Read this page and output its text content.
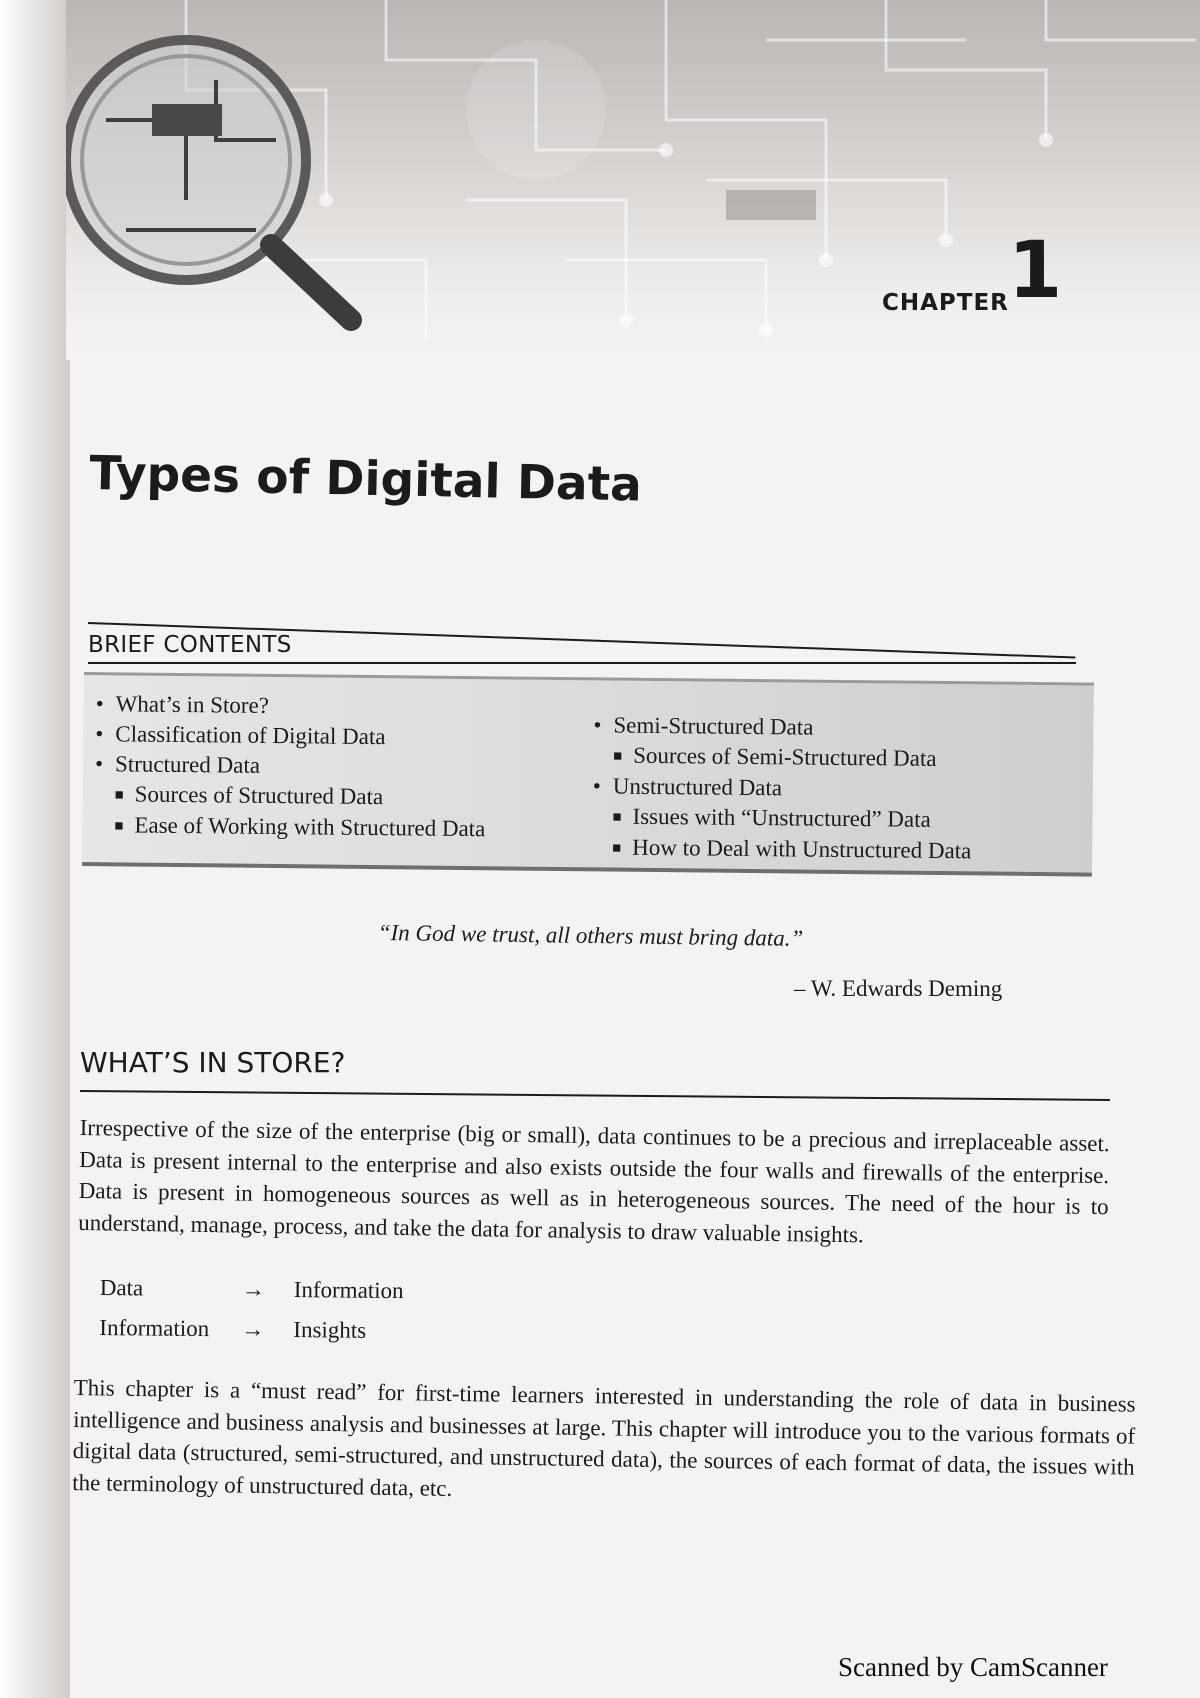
CHAPTER 1
Types of Digital Data
BRIEF CONTENTS
• What’s in Store?
• Classification of Digital Data
• Structured Data
■ Sources of Structured Data
■ Ease of Working with Structured Data
• Semi-Structured Data
■ Sources of Semi-Structured Data
• Unstructured Data
■ Issues with “Unstructured” Data
■ How to Deal with Unstructured Data
“In God we trust, all others must bring data.”
– W. Edwards Deming
WHAT’S IN STORE?

Irrespective of the size of the enterprise (big or small), data continues to be a precious and irreplaceable asset. Data is present internal to the enterprise and also exists outside the four walls and firewalls of the enterprise. Data is present in homogeneous sources as well as in heterogeneous sources. The need of the hour is to understand, manage, process, and take the data for analysis to draw valuable insights.

Data	→	Information
Information	→	Insights

This chapter is a “must read” for first-time learners interested in understanding the role of data in business intelligence and business analysis and businesses at large. This chapter will introduce you to the various formats of digital data (structured, semi-structured, and unstructured data), the sources of each format of data, the issues with the terminology of unstructured data, etc.

Scanned by CamScanner
